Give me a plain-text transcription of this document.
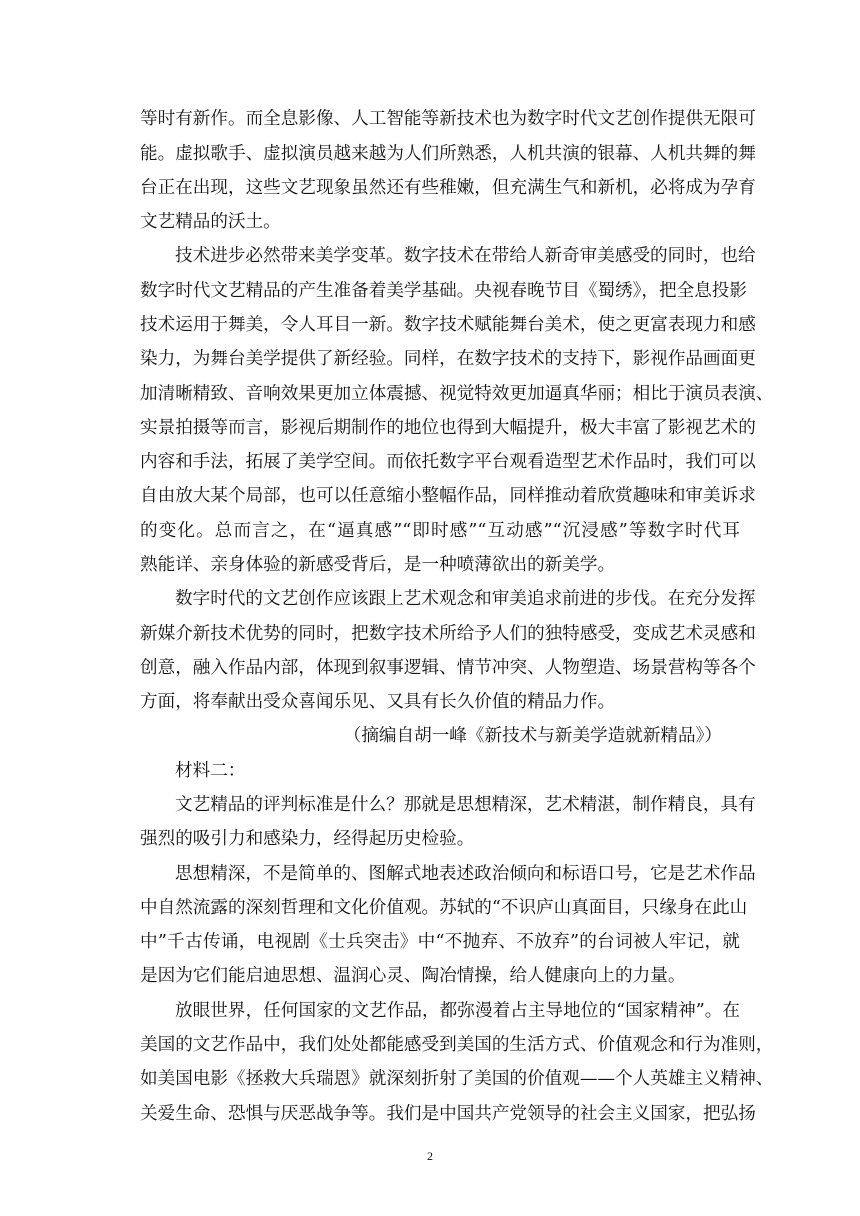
等时有新作。而全息影像、人工智能等新技术也为数字时代文艺创作提供无限可
能。虚拟歌手、虚拟演员越来越为人们所熟悉，人机共演的银幕、人机共舞的舞
台正在出现，这些文艺现象虽然还有些稚嫩，但充满生气和新机，必将成为孕育
文艺精品的沃土。
技术进步必然带来美学变革。数字技术在带给人新奇审美感受的同时，也给
数字时代文艺精品的产生准备着美学基础。央视春晚节目《蜀绣》，把全息投影
技术运用于舞美，令人耳目一新。数字技术赋能舞台美术，使之更富表现力和感
染力，为舞台美学提供了新经验。同样，在数字技术的支持下，影视作品画面更
加清晰精致、音响效果更加立体震撼、视觉特效更加逼真华丽；相比于演员表演、
实景拍摄等而言，影视后期制作的地位也得到大幅提升，极大丰富了影视艺术的
内容和手法，拓展了美学空间。而依托数字平台观看造型艺术作品时，我们可以
自由放大某个局部，也可以任意缩小整幅作品，同样推动着欣赏趣味和审美诉求
的变化。总而言之，在“逼真感”“即时感”“互动感”“沉浸感”等数字时代耳
熟能详、亲身体验的新感受背后，是一种喷薄欲出的新美学。
数字时代的文艺创作应该跟上艺术观念和审美追求前进的步伐。在充分发挥
新媒介新技术优势的同时，把数字技术所给予人们的独特感受，变成艺术灵感和
创意，融入作品内部，体现到叙事逻辑、情节冲突、人物塑造、场景营构等各个
方面，将奉献出受众喜闻乐见、又具有长久价值的精品力作。
（摘编自胡一峰《新技术与新美学造就新精品》）
材料二：
文艺精品的评判标准是什么？那就是思想精深，艺术精湛，制作精良，具有
强烈的吸引力和感染力，经得起历史检验。
思想精深，不是简单的、图解式地表述政治倾向和标语口号，它是艺术作品
中自然流露的深刻哲理和文化价值观。苏轼的“不识庐山真面目，只缘身在此山
中”千古传诵，电视剧《士兵突击》中“不抛弃、不放弃”的台词被人牢记，就
是因为它们能启迪思想、温润心灵、陶冶情操，给人健康向上的力量。
放眼世界，任何国家的文艺作品，都弥漫着占主导地位的“国家精神”。在
美国的文艺作品中，我们处处都能感受到美国的生活方式、价值观念和行为准则，
如美国电影《拯救大兵瑞恩》就深刻折射了美国的价值观——个人英雄主义精神、
关爱生命、恐惧与厌恶战争等。我们是中国共产党领导的社会主义国家，把弘扬
2
